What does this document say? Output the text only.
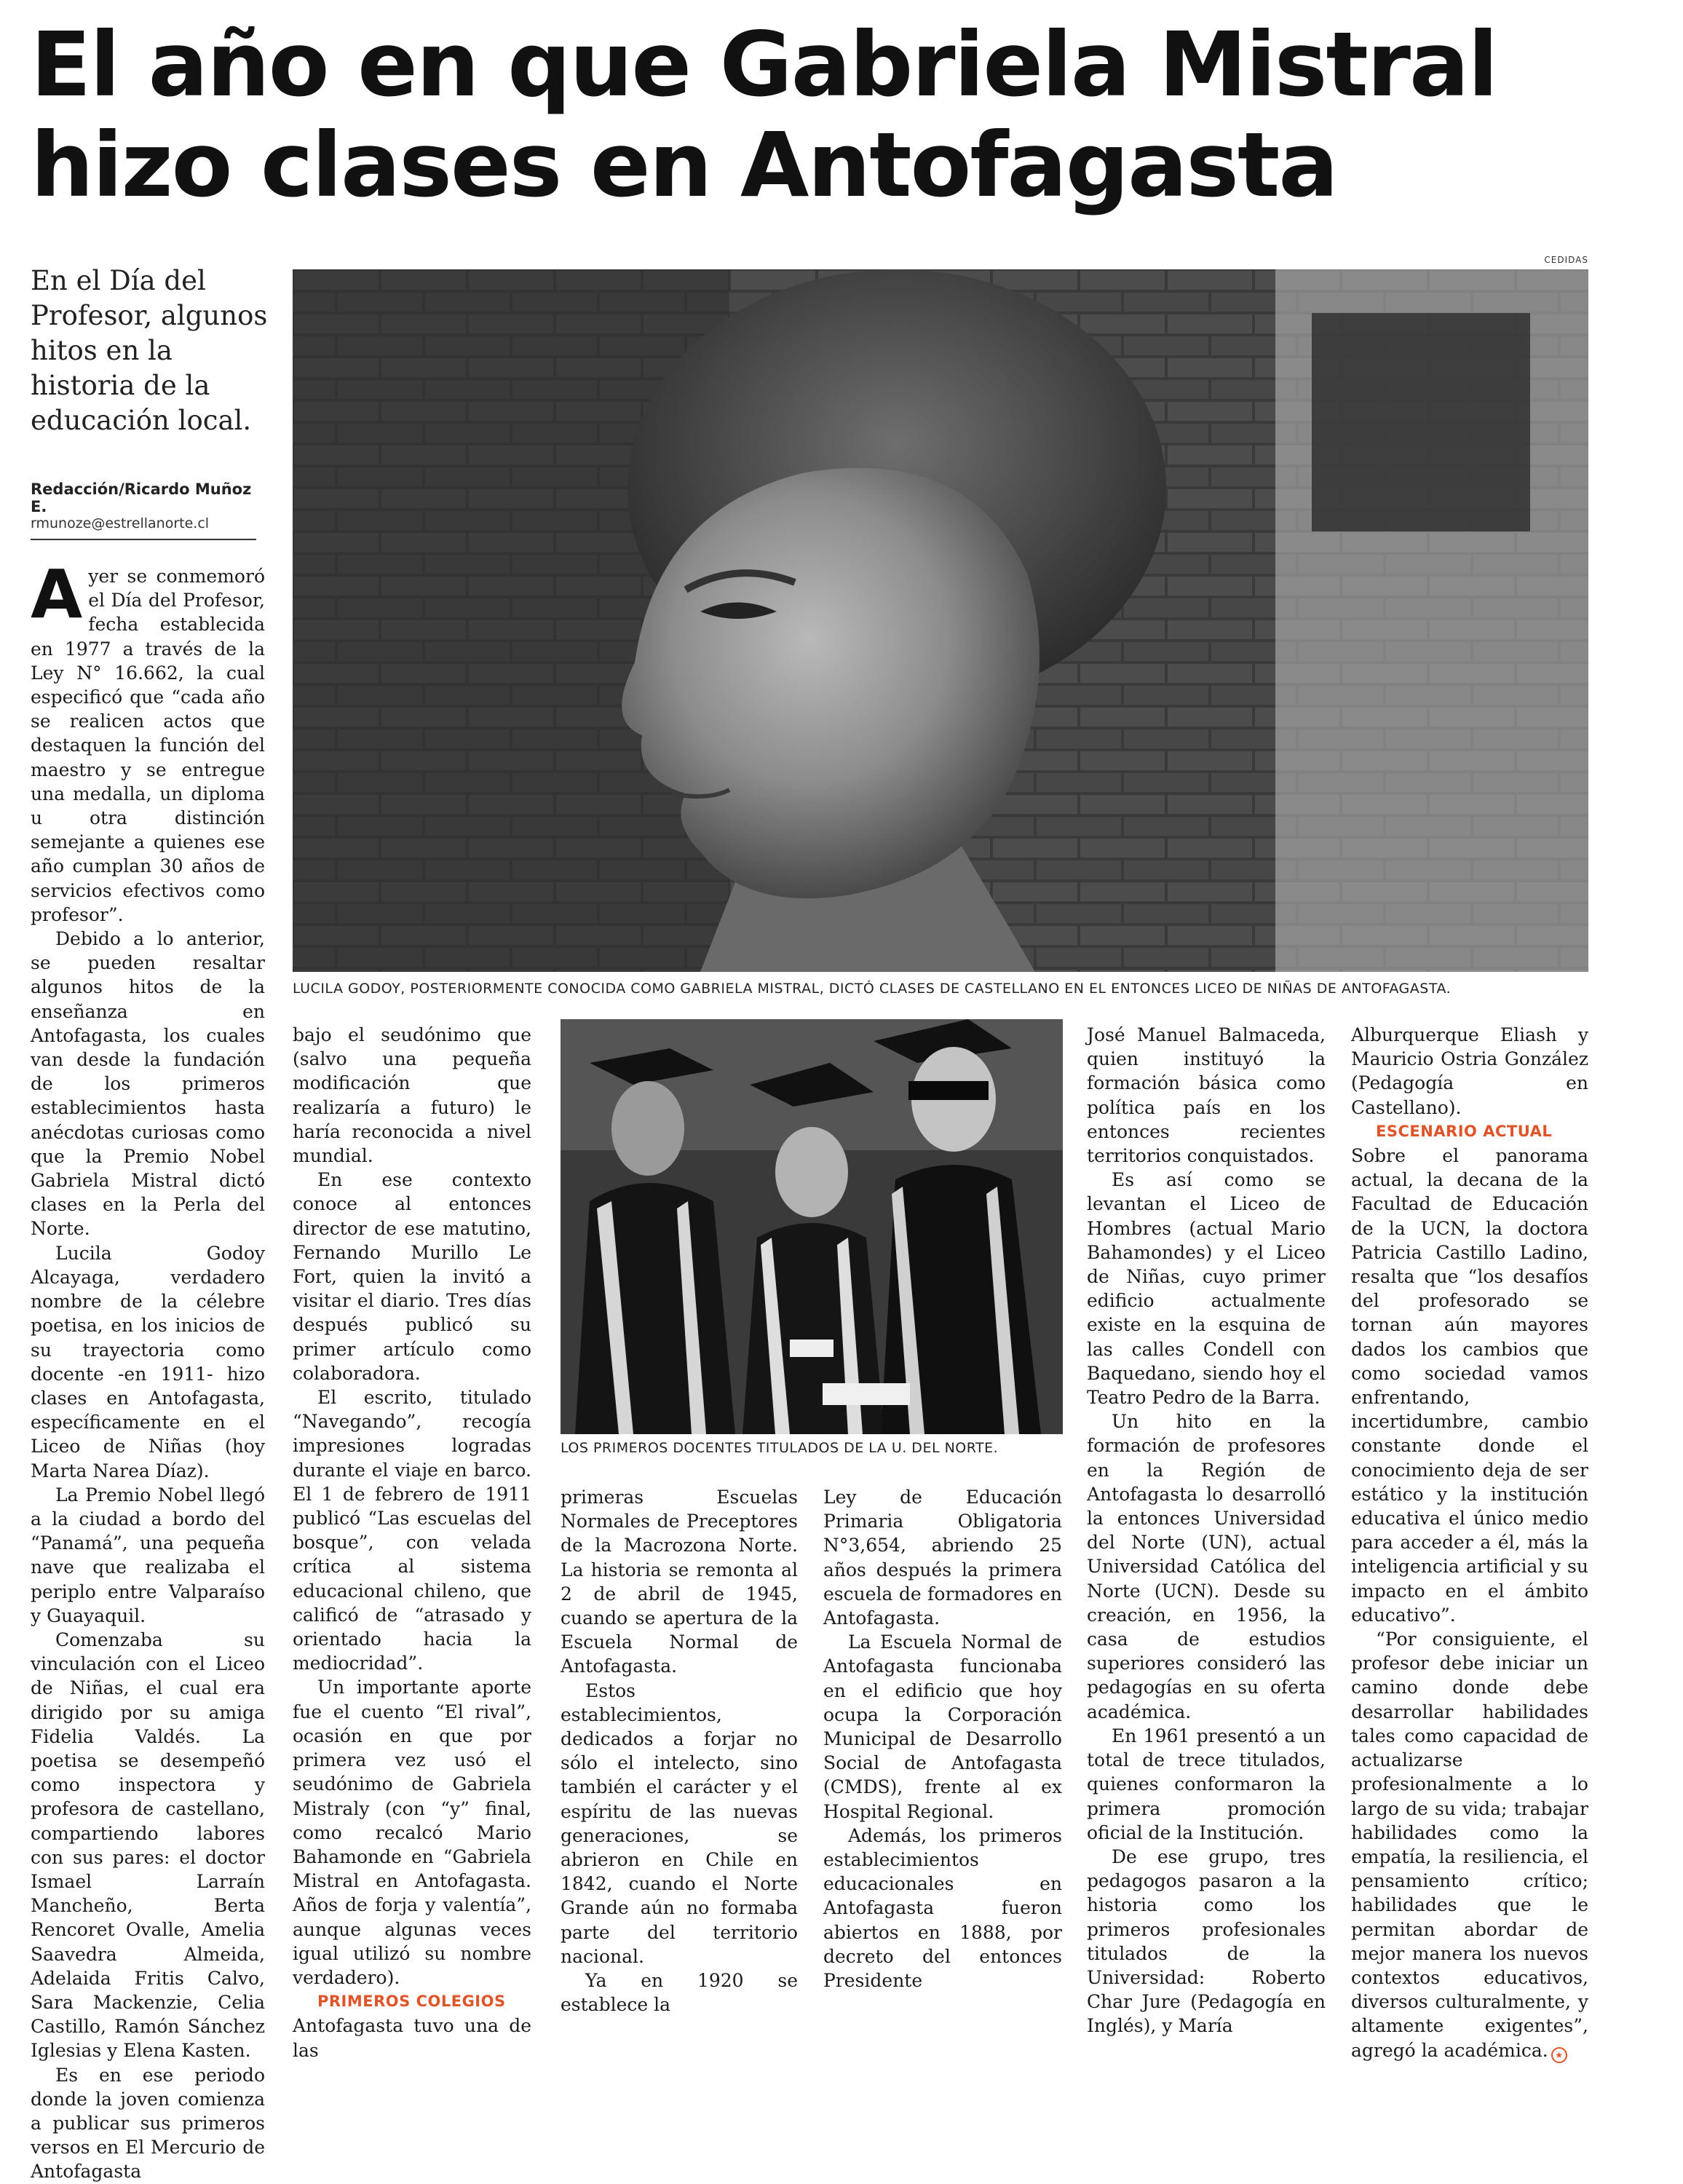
El año en que Gabriela Mistral
hizo clases en Antofagasta
En el Día del Profesor, algunos hitos en la historia de la educación local.
Redacción/Ricardo Muñoz E.
rmunoze@estrellanorte.cl
CEDIDAS
LUCILA GODOY, POSTERIORMENTE CONOCIDA COMO GABRIELA MISTRAL, DICTÓ CLASES DE CASTELLANO EN EL ENTONCES LICEO DE NIÑAS DE ANTOFAGASTA.
LOS PRIMEROS DOCENTES TITULADOS DE LA U. DEL NORTE.

Ayer se conmemoró el Día del Profesor, fecha establecida en 1977 a través de la Ley N° 16.662, la cual especificó que “cada año se realicen actos que destaquen la función del maestro y se entregue una medalla, un diploma u otra distinción semejante a quienes ese año cumplan 30 años de servicios efectivos como profesor”.

Debido a lo anterior, se pueden resaltar algunos hitos de la enseñanza en Antofagasta, los cuales van desde la fundación de los primeros establecimientos hasta anécdotas curiosas como que la Premio Nobel Gabriela Mistral dictó clases en la Perla del Norte.

Lucila Godoy Alcayaga, verdadero nombre de la célebre poetisa, en los inicios de su trayectoria como docente -en 1911- hizo clases en Antofagasta, específicamente en el Liceo de Niñas (hoy Marta Narea Díaz).

La Premio Nobel llegó a la ciudad a bordo del “Panamá”, una pequeña nave que realizaba el periplo entre Valparaíso y Guayaquil.

Comenzaba su vinculación con el Liceo de Niñas, el cual era dirigido por su amiga Fidelia Valdés. La poetisa se desempeñó como inspectora y profesora de castellano, compartiendo labores con sus pares: el doctor Ismael Larraín Mancheño, Berta Rencoret Ovalle, Amelia Saavedra Almeida, Adelaida Fritis Calvo, Sara Mackenzie, Celia Castillo, Ramón Sánchez Iglesias y Elena Kasten.

Es en ese periodo donde la joven comienza a publicar sus primeros versos en El Mercurio de Antofagasta

bajo el seudónimo que (salvo una pequeña modificación que realizaría a futuro) le haría reconocida a nivel mundial.

En ese contexto conoce al entonces director de ese matutino, Fernando Murillo Le Fort, quien la invitó a visitar el diario. Tres días después publicó su primer artículo como colaboradora.

El escrito, titulado “Navegando”, recogía impresiones logradas durante el viaje en barco. El 1 de febrero de 1911 publicó “Las escuelas del bosque”, con velada crítica al sistema educacional chileno, que calificó de “atrasado y orientado hacia la mediocridad”.

Un importante aporte fue el cuento “El rival”, ocasión en que por primera vez usó el seudónimo de Gabriela Mistraly (con “y” final, como recalcó Mario Bahamonde en “Gabriela Mistral en Antofagasta. Años de forja y valentía”, aunque algunas veces igual utilizó su nombre verdadero).

PRIMEROS COLEGIOS

Antofagasta tuvo una de las

primeras Escuelas Normales de Preceptores de la Macrozona Norte. La historia se remonta al 2 de abril de 1945, cuando se apertura de la Escuela Normal de Antofagasta.

Estos establecimientos, dedicados a forjar no sólo el intelecto, sino también el carácter y el espíritu de las nuevas generaciones, se abrieron en Chile en 1842, cuando el Norte Grande aún no formaba parte del territorio nacional.

Ya en 1920 se establece la

Ley de Educación Primaria Obligatoria N°3,654, abriendo 25 años después la primera escuela de formadores en Antofagasta.

La Escuela Normal de Antofagasta funcionaba en el edificio que hoy ocupa la Corporación Municipal de Desarrollo Social de Antofagasta (CMDS), frente al ex Hospital Regional.

Además, los primeros establecimientos educacionales en Antofagasta fueron abiertos en 1888, por decreto del entonces Presidente

José Manuel Balmaceda, quien instituyó la formación básica como política país en los entonces recientes territorios conquistados.

Es así como se levantan el Liceo de Hombres (actual Mario Bahamondes) y el Liceo de Niñas, cuyo primer edificio actualmente existe en la esquina de las calles Condell con Baquedano, siendo hoy el Teatro Pedro de la Barra.

Un hito en la formación de profesores en la Región de Antofagasta lo desarrolló la entonces Universidad del Norte (UN), actual Universidad Católica del Norte (UCN). Desde su creación, en 1956, la casa de estudios superiores consideró las pedagogías en su oferta académica.

En 1961 presentó a un total de trece titulados, quienes conformaron la primera promoción oficial de la Institución.

De ese grupo, tres pedagogos pasaron a la historia como los primeros profesionales titulados de la Universidad: Roberto Char Jure (Pedagogía en Inglés), y María

Alburquerque Eliash y Mauricio Ostria González (Pedagogía en Castellano).

ESCENARIO ACTUAL

Sobre el panorama actual, la decana de la Facultad de Educación de la UCN, la doctora Patricia Castillo Ladino, resalta que “los desafíos del profesorado se tornan aún mayores dados los cambios que como sociedad vamos enfrentando, incertidumbre, cambio constante donde el conocimiento deja de ser estático y la institución educativa el único medio para acceder a él, más la inteligencia artificial y su impacto en el ámbito educativo”.

“Por consiguiente, el profesor debe iniciar un camino donde debe desarrollar habilidades tales como capacidad de actualizarse profesionalmente a lo largo de su vida; trabajar habilidades como la empatía, la resiliencia, el pensamiento crítico; habilidades que le permitan abordar de mejor manera los nuevos contextos educativos, diversos culturalmente, y altamente exigentes”, agregó la académica. ★
